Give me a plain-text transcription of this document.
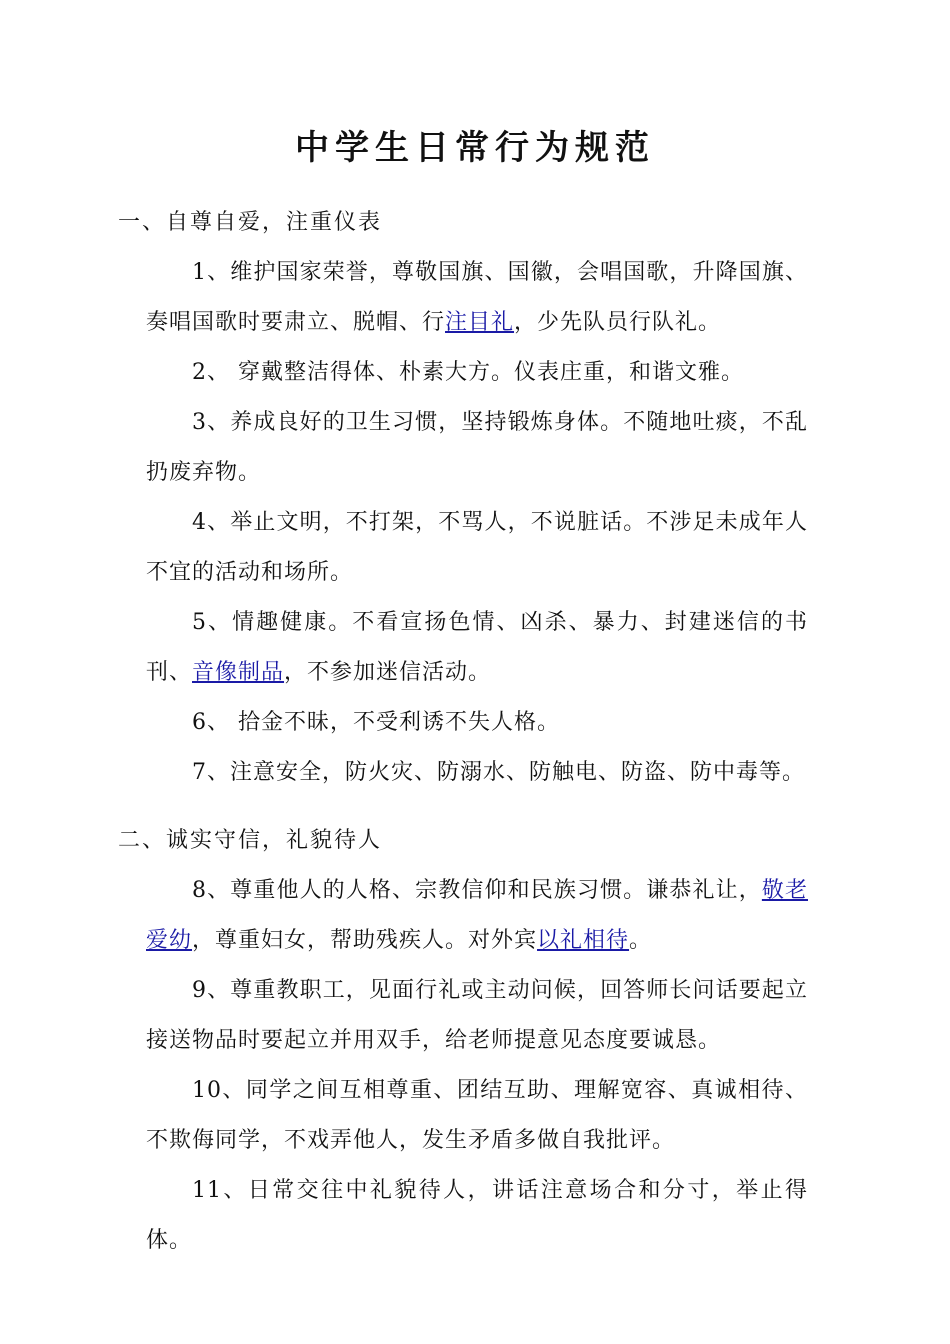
中学生日常行为规范
一、自尊自爱，注重仪表
1、维护国家荣誉，尊敬国旗、国徽，会唱国歌，升降国旗、奏唱国歌时要肃立、脱帽、行注目礼，少先队员行队礼。
2、 穿戴整洁得体、朴素大方。仪表庄重，和谐文雅。
3、养成良好的卫生习惯，坚持锻炼身体。不随地吐痰，不乱扔废弃物。
4、举止文明，不打架，不骂人，不说脏话。不涉足未成年人不宜的活动和场所。
5、情趣健康。不看宣扬色情、凶杀、暴力、封建迷信的书刊、音像制品，不参加迷信活动。
6、 拾金不昧，不受利诱不失人格。
7、注意安全，防火灾、防溺水、防触电、防盗、防中毒等。
二、诚实守信，礼貌待人
8、尊重他人的人格、宗教信仰和民族习惯。谦恭礼让，敬老爱幼，尊重妇女，帮助残疾人。对外宾以礼相待。
9、尊重教职工，见面行礼或主动问候，回答师长问话要起立接送物品时要起立并用双手，给老师提意见态度要诚恳。
10、同学之间互相尊重、团结互助、理解宽容、真诚相待、不欺侮同学，不戏弄他人，发生矛盾多做自我批评。
11、日常交往中礼貌待人，讲话注意场合和分寸，举止得体。
